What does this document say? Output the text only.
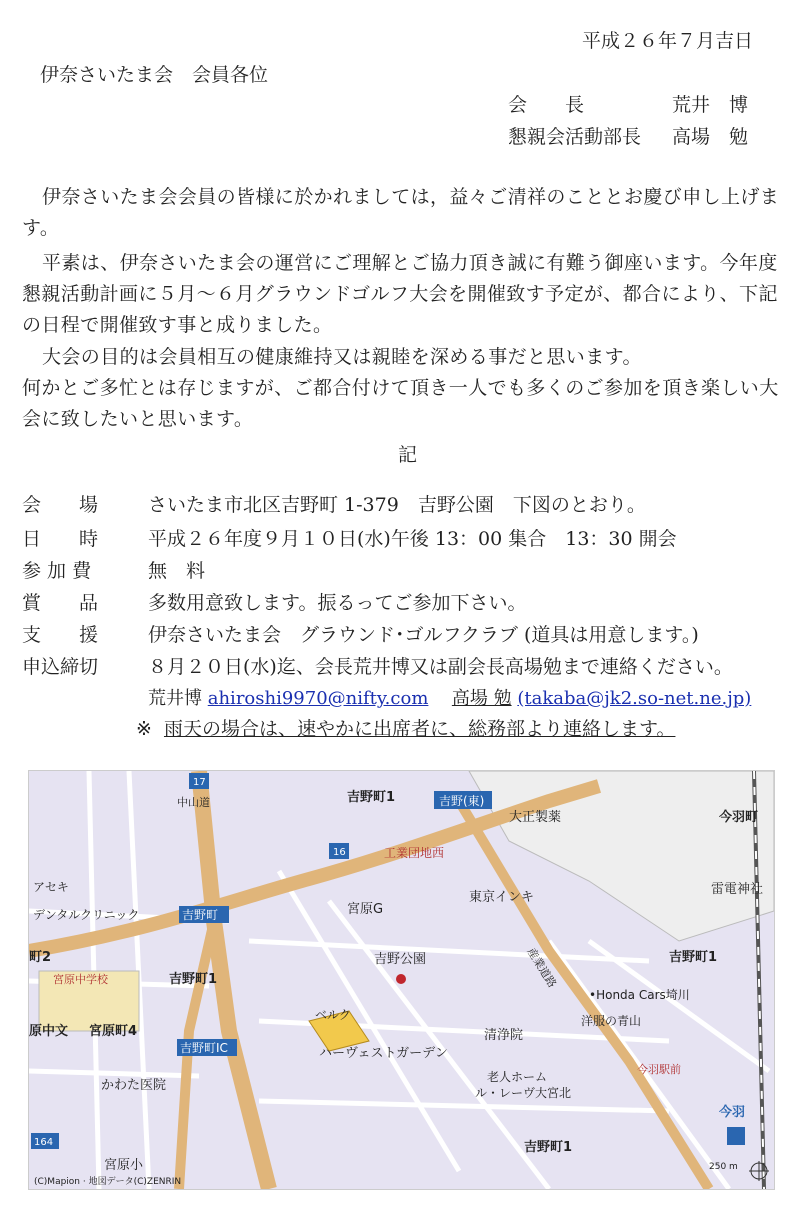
平成２６年７月吉日
伊奈さいたま会　会員各位
会　　長	荒井　博
懇親会活動部長 高場　勉
伊奈さいたま会会員の皆様に於かれましては，益々ご清祥のこととお慶び申し上げます。
平素は、伊奈さいたま会の運営にご理解とご協力頂き誠に有難う御座います。今年度懇親活動計画に５月～６月グラウンドゴルフ大会を開催致す予定が、都合により、下記の日程で開催致す事と成りました。
大会の目的は会員相互の健康維持又は親睦を深める事だと思います。
何かとご多忙とは存じますが、ご都合付けて頂き一人でも多くのご参加を頂き楽しい大会に致したいと思います。
記
会　　場	さいたま市北区吉野町 1-379　吉野公園　下図のとおり。
日　　時	平成２６年度９月１０日(水)午後 13：00 集合　13：30 開会
参 加 費	無　料
賞　　品	多数用意致します。振るってご参加下さい。
支　　援	伊奈さいたま会　グラウンド･ゴルフクラブ (道具は用意します。)
申込締切	８月２０日(水)迄、会長荒井博又は副会長高場勉まで連絡ください。
荒井博 ahiroshi9970@nifty.com 高場 勉 (takaba@jk2.so-net.ne.jp)
※ 雨天の場合は、速やかに出席者に、総務部より連絡します。
吉野町1	吉野(東)
大正製薬	今羽町
工業団地西
東京インキ
雷電神社
アセキ
デンタルクリニック	吉野町	宮原G
吉野公園	吉野町1
町2
宮原中学校	吉野町1
•Honda Cars埼川
洋服の青山
原中文 宮原町4
吉野町IC
ベルク
ハーヴェストガーデン
清浄院
今羽駅前
かわた医院
老人ホーム
ル・レーヴ大宮北
今羽
宮原小
吉野町1
(C)Mapion · 地図データ(C)ZENRIN
250 m
中山道
産業道路
17
16
164
